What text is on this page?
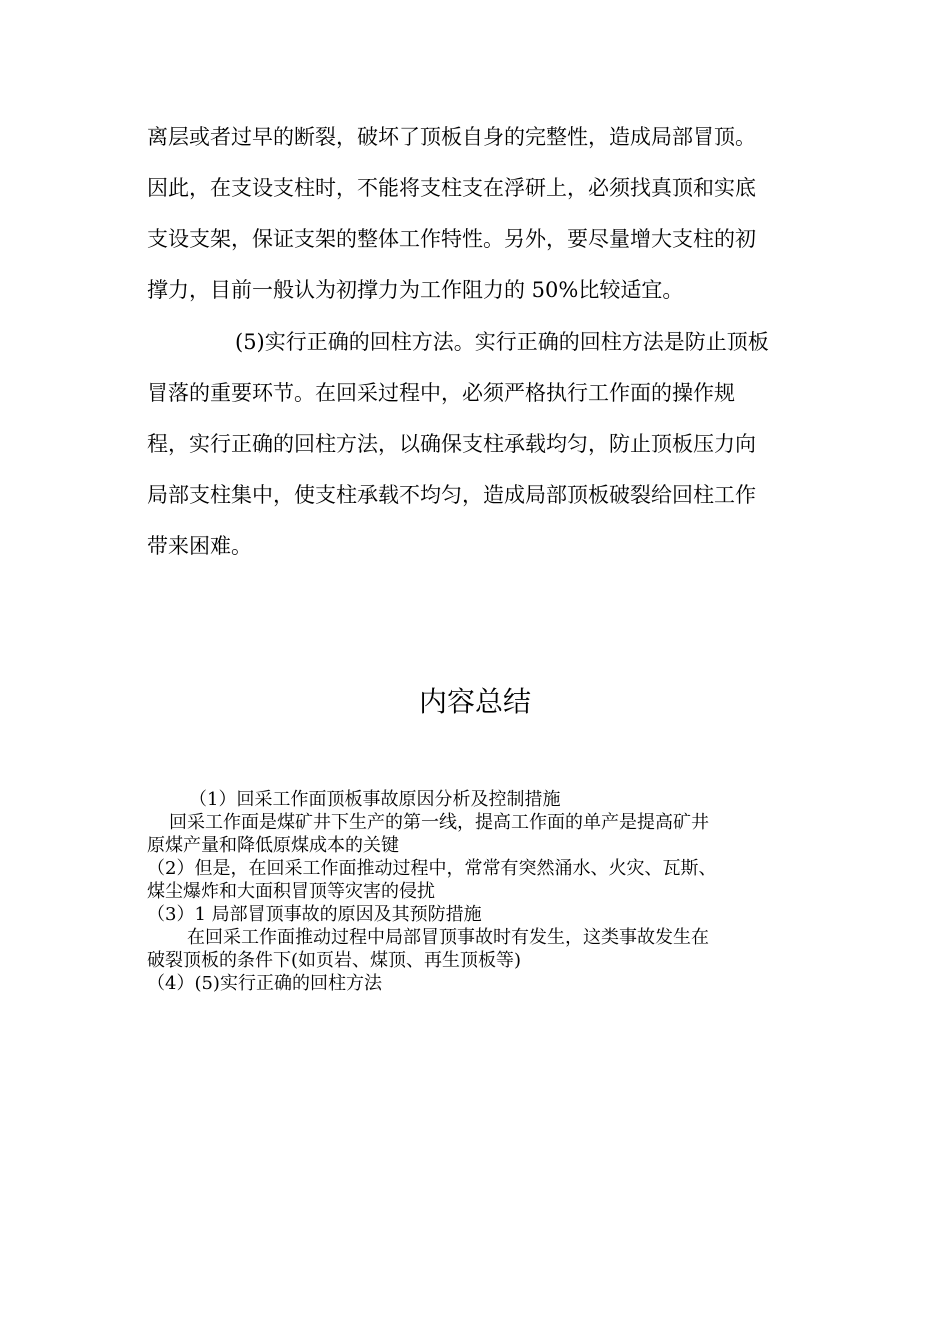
离层或者过早的断裂，破坏了顶板自身的完整性，造成局部冒顶。
因此，在支设支柱时，不能将支柱支在浮研上，必须找真顶和实底
支设支架，保证支架的整体工作特性。另外，要尽量增大支柱的初
撑力，目前一般认为初撑力为工作阻力的 50%比较适宜。
(5)实行正确的回柱方法。实行正确的回柱方法是防止顶板
冒落的重要环节。在回采过程中，必须严格执行工作面的操作规
程，实行正确的回柱方法，以确保支柱承载均匀，防止顶板压力向
局部支柱集中，使支柱承载不均匀，造成局部顶板破裂给回柱工作
带来困难。
内容总结
（1）回采工作面顶板事故原因分析及控制措施
回采工作面是煤矿井下生产的第一线，提高工作面的单产是提高矿井
原煤产量和降低原煤成本的关键
（2）但是，在回采工作面推动过程中，常常有突然涌水、火灾、瓦斯、
煤尘爆炸和大面积冒顶等灾害的侵扰
（3）1 局部冒顶事故的原因及其预防措施
在回采工作面推动过程中局部冒顶事故时有发生，这类事故发生在
破裂顶板的条件下(如页岩、煤顶、再生顶板等)
（4）(5)实行正确的回柱方法
